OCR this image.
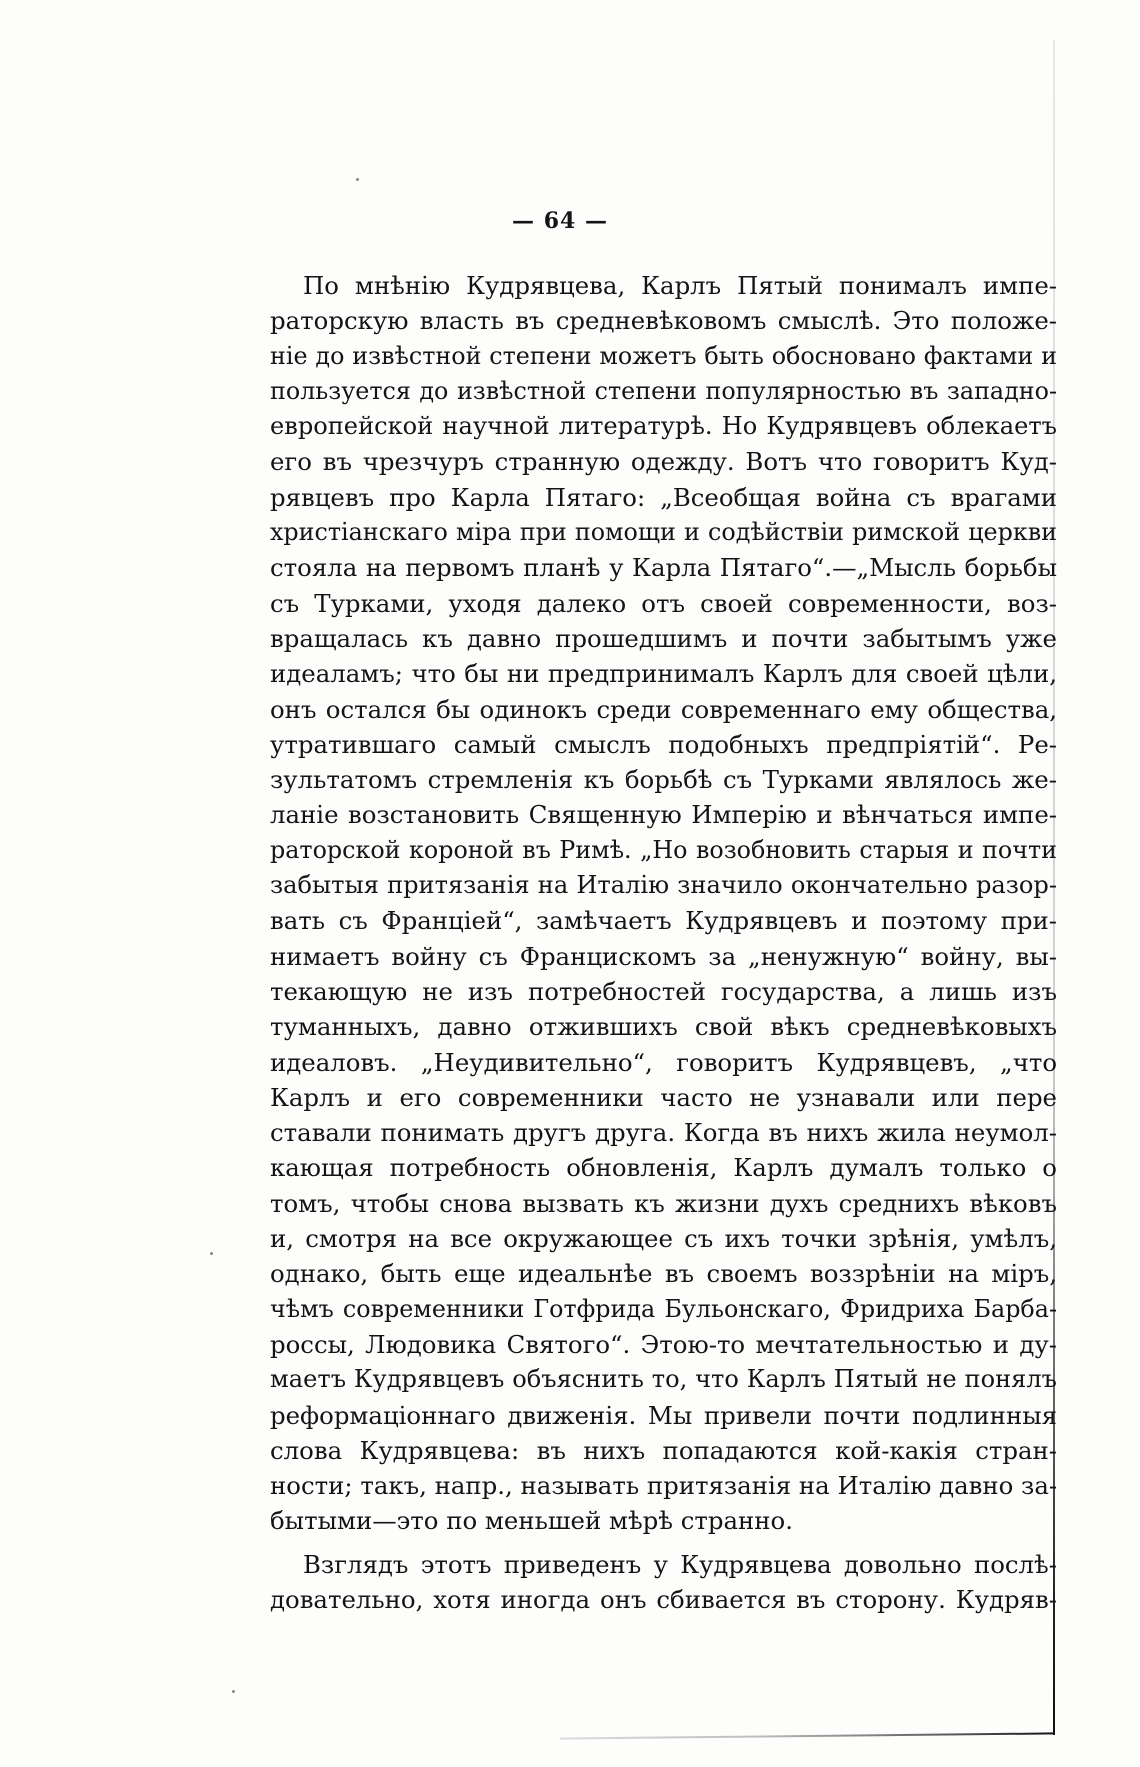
— 64 —
По мнѣнію Кудрявцева, Карлъ Пятый понималъ импе-
раторскую власть въ средневѣковомъ смыслѣ. Это положе-
ніе до извѣстной степени можетъ быть обосновано фактами и
пользуется до извѣстной степени популярностью въ западно-
европейской научной литературѣ. Но Кудрявцевъ облекаетъ
его въ чрезчуръ странную одежду. Вотъ что говоритъ Куд-
рявцевъ про Карла Пятаго: „Всеобщая война съ врагами
христіанскаго міра при помощи и содѣйствіи римской церкви
стояла на первомъ планѣ у Карла Пятаго“.—„Мысль борьбы
съ Турками, уходя далеко отъ своей современности, воз-
вращалась къ давно прошедшимъ и почти забытымъ уже
идеаламъ; что бы ни предпринималъ Карлъ для своей цѣли,
онъ остался бы одинокъ среди современнаго ему общества,
утратившаго самый смыслъ подобныхъ предпріятій“. Ре-
зультатомъ стремленія къ борьбѣ съ Турками являлось же-
ланіе возстановить Священную Имперію и вѣнчаться импе-
раторской короной въ Римѣ. „Но возобновить старыя и почти
забытыя притязанія на Италію значило окончательно разор-
вать съ Франціей“, замѣчаетъ Кудрявцевъ и поэтому при-
нимаетъ войну съ Францискомъ за „ненужную“ войну, вы-
текающую не изъ потребностей государства, а лишь изъ
туманныхъ, давно отжившихъ свой вѣкъ средневѣковыхъ
идеаловъ. „Неудивительно“, говоритъ Кудрявцевъ, „что
Карлъ и его современники часто не узнавали или пере
ставали понимать другъ друга. Когда въ нихъ жила неумол-
кающая потребность обновленія, Карлъ думалъ только о
томъ, чтобы снова вызвать къ жизни духъ среднихъ вѣковъ
и, смотря на все окружающее съ ихъ точки зрѣнія, умѣлъ,
однако, быть еще идеальнѣе въ своемъ воззрѣніи на міръ,
чѣмъ современники Готфрида Бульонскаго, Фридриха Барба-
россы, Людовика Святого“. Этою-то мечтательностью и ду-
маетъ Кудрявцевъ объяснить то, что Карлъ Пятый не понялъ
реформаціоннаго движенія. Мы привели почти подлинныя
слова Кудрявцева: въ нихъ попадаются кой-какія стран-
ности; такъ, напр., называть притязанія на Италію давно за-
бытыми—это по меньшей мѣрѣ странно.
Взглядъ этотъ приведенъ у Кудрявцева довольно послѣ-
довательно, хотя иногда онъ сбивается въ сторону. Кудряв-
